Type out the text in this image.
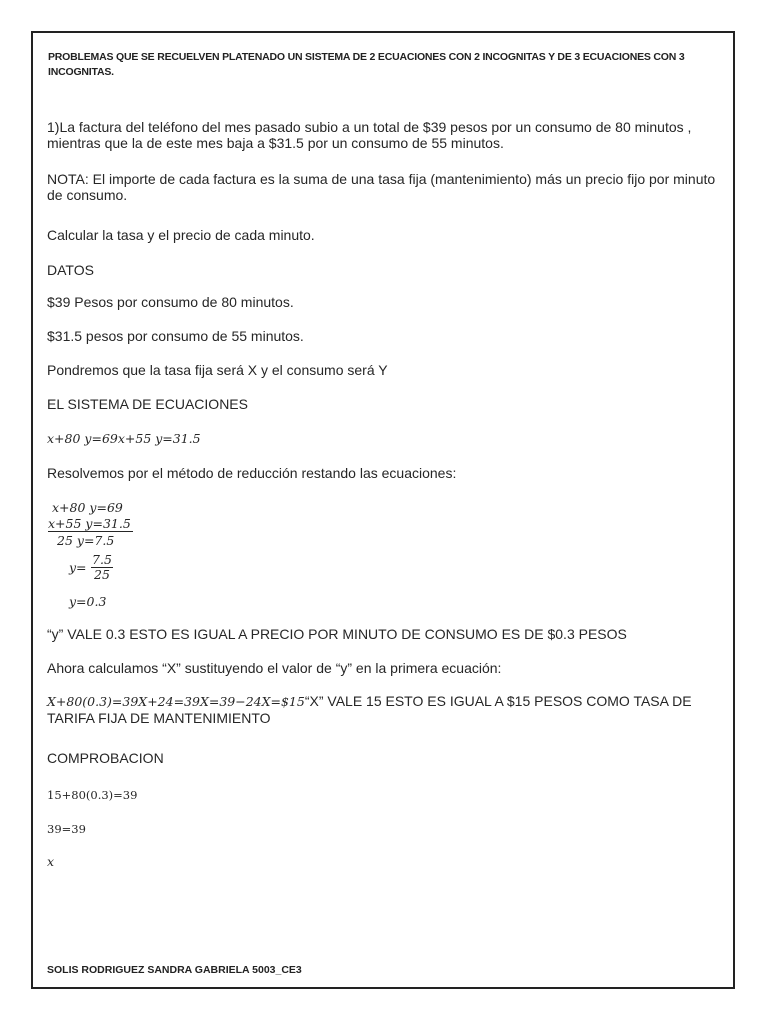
PROBLEMAS QUE SE RECUELVEN PLATENADO UN SISTEMA DE 2 ECUACIONES CON 2 INCOGNITAS Y DE 3 ECUACIONES CON 3 INCOGNITAS.
1)La factura del teléfono del mes pasado subio a un total de $39 pesos por un consumo de 80 minutos , mientras que la de este mes baja a $31.5 por un consumo de 55 minutos.
NOTA: El importe de cada factura es la suma de una tasa fija (mantenimiento) más un precio fijo por minuto de consumo.
Calcular la tasa y el precio de cada minuto.
DATOS
$39 Pesos por consumo de 80 minutos.
$31.5 pesos por consumo de 55 minutos.
Pondremos que la tasa fija será X y el consumo será Y
EL SISTEMA DE ECUACIONES
x+80 y=69x+55 y=31.5
Resolvemos por el método de reducción restando las ecuaciones:
x+80 y=69
x+55 y=31.5
25 y=7.5
y=
7.5
25
y=0.3
“y” VALE 0.3 ESTO ES IGUAL A PRECIO POR MINUTO DE CONSUMO ES DE $0.3 PESOS
Ahora calculamos “X” sustituyendo el valor de “y” en la primera ecuación:
X+80(0.3)=39X+24=39X=39−24X=$15“X” VALE 15 ESTO ES IGUAL A $15 PESOS COMO TASA DE TARIFA FIJA DE MANTENIMIENTO
COMPROBACION
15+80(0.3)=39
39=39
x
SOLIS RODRIGUEZ SANDRA GABRIELA 5003_CE3
